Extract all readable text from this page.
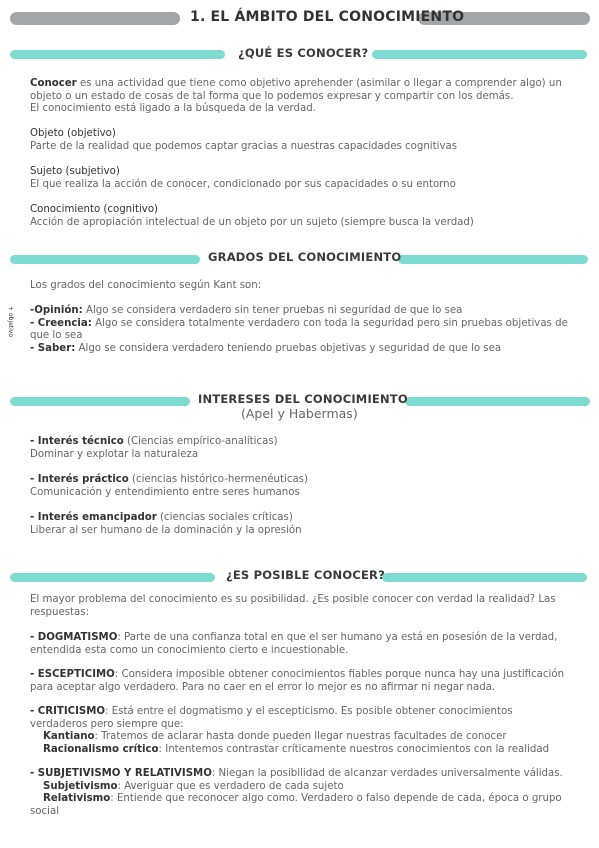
1. EL ÁMBITO DEL CONOCIMIENTO
¿QUÉ ES CONOCER?
Conocer es una actividad que tiene como objetivo aprehender (asimilar o llegar a comprender algo) un
objeto o un estado de cosas de tal forma que lo podemos expresar y compartir con los demás.
El conocimiento está ligado a la búsqueda de la verdad.
Objeto (objetivo)
Parte de la realidad que podemos captar gracias a nuestras capacidades cognitivas
Sujeto (subjetivo)
El que realiza la acción de conocer, condicionado por sus capacidades o su entorno
Conocimiento (cognitivo)
Acción de apropiación intelectual de un objeto por un sujeto (siempre busca la verdad)
GRADOS DEL CONOCIMIENTO
Los grados del conocimiento según Kant son:
+ objetivo -Opinión: Algo se considera verdadero sin tener pruebas ni seguridad de que lo sea
- Creencia: Algo se considera totalmente verdadero con toda la seguridad pero sin pruebas objetivas de
que lo sea
- Saber: Algo se considera verdadero teniendo pruebas objetivas y seguridad de que lo sea
INTERESES DEL CONOCIMIENTO
(Apel y Habermas)
- Interés técnico (Ciencias empírico-analíticas)
Dominar y explotar la naturaleza
- Interés práctico (ciencias histórico-hermenéuticas)
Comunicación y entendimiento entre seres humanos
- Interés emancipador (ciencias sociales críticas)
Liberar al ser humano de la dominación y la opresión
¿ES POSIBLE CONOCER?
El mayor problema del conocimiento es su posibilidad. ¿Es posible conocer con verdad la realidad? Las
respuestas:
- DOGMATISMO: Parte de una confianza total en que el ser humano ya está en posesión de la verdad,
entendida esta como un conocimiento cierto e incuestionable.
- ESCEPTICIMO: Considera imposible obtener conocimientos fiables porque nunca hay una justificación
para aceptar algo verdadero. Para no caer en el error lo mejor es no afirmar ni negar nada.
- CRITICISMO: Está entre el dogmatismo y el escepticismo. Es posible obtener conocimientos
verdaderos pero siempre que:
Kantiano: Tratemos de aclarar hasta donde pueden llegar nuestras facultades de conocer
Racionalismo crítico: Intentemos contrastar críticamente nuestros conocimientos con la realidad
- SUBJETIVISMO Y RELATIVISMO: Niegan la posibilidad de alcanzar verdades universalmente válidas.
Subjetivismo: Averiguar que es verdadero de cada sujeto
Relativismo: Entiende que reconocer algo como. Verdadero o falso depende de cada, época o grupo
social
